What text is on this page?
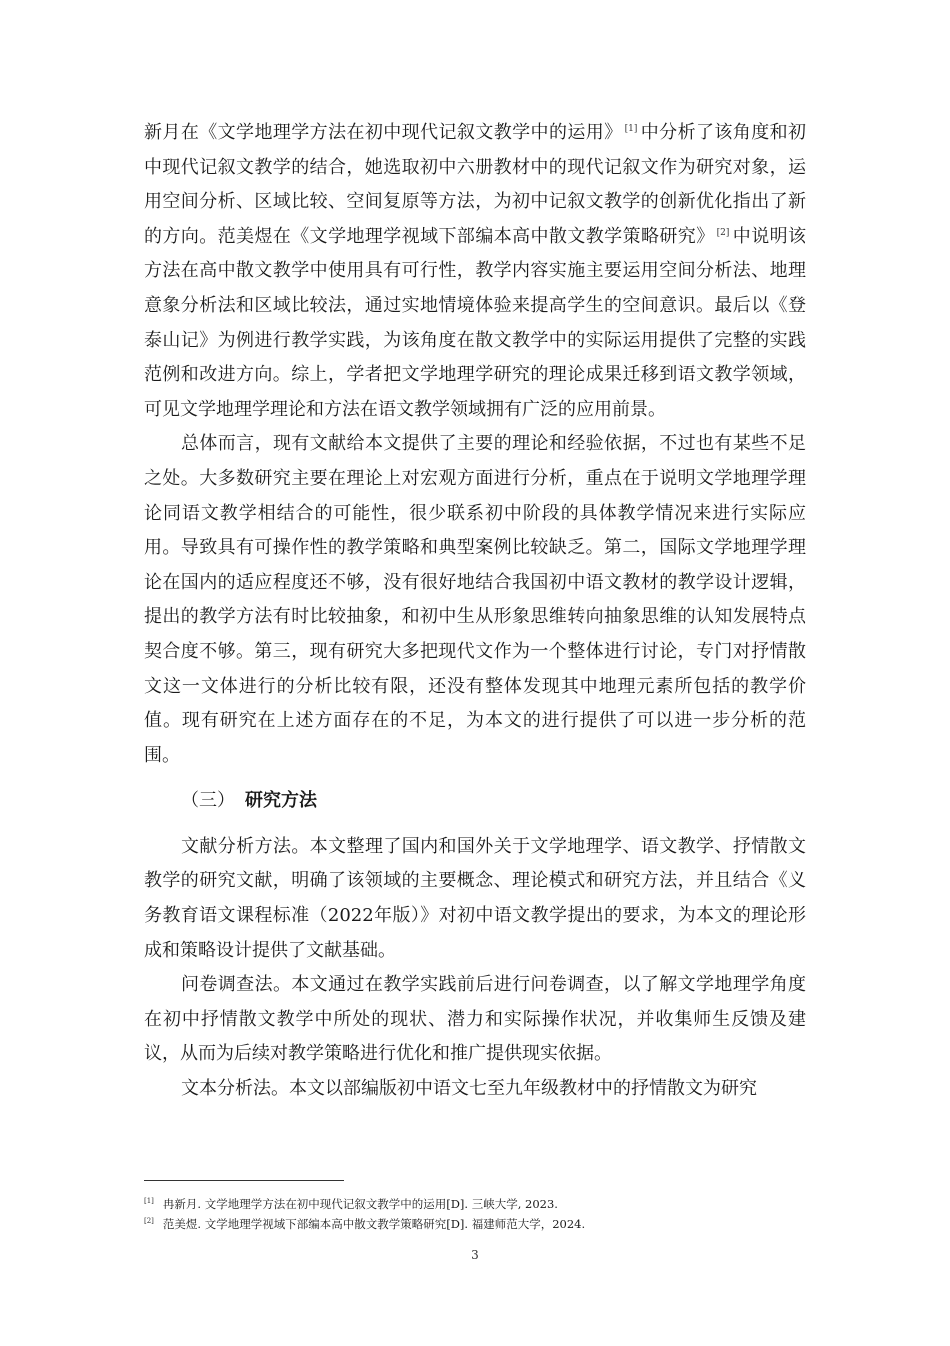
新月在《文学地理学方法在初中现代记叙文教学中的运用》 [1] 中分析了该角度和初中现代记叙文教学的结合，她选取初中六册教材中的现代记叙文作为研究对象，运用空间分析、区域比较、空间复原等方法，为初中记叙文教学的创新优化指出了新的方向。范美煜在《文学地理学视域下部编本高中散文教学策略研究》 [2] 中说明该方法在高中散文教学中使用具有可行性，教学内容实施主要运用空间分析法、地理意象分析法和区域比较法，通过实地情境体验来提高学生的空间意识。最后以《登泰山记》为例进行教学实践，为该角度在散文教学中的实际运用提供了完整的实践范例和改进方向。综上，学者把文学地理学研究的理论成果迁移到语文教学领域，可见文学地理学理论和方法在语文教学领域拥有广泛的应用前景。

总体而言，现有文献给本文提供了主要的理论和经验依据，不过也有某些不足之处。大多数研究主要在理论上对宏观方面进行分析，重点在于说明文学地理学理论同语文教学相结合的可能性，很少联系初中阶段的具体教学情况来进行实际应用。导致具有可操作性的教学策略和典型案例比较缺乏。第二，国际文学地理学理论在国内的适应程度还不够，没有很好地结合我国初中语文教材的教学设计逻辑，提出的教学方法有时比较抽象，和初中生从形象思维转向抽象思维的认知发展特点契合度不够。第三，现有研究大多把现代文作为一个整体进行讨论，专门对抒情散文这一文体进行的分析比较有限，还没有整体发现其中地理元素所包括的教学价值。现有研究在上述方面存在的不足，为本文的进行提供了可以进一步分析的范围。

（三） 研究方法

文献分析方法。本文整理了国内和国外关于文学地理学、语文教学、抒情散文教学的研究文献，明确了该领域的主要概念、理论模式和研究方法，并且结合《义务教育语文课程标准（2022年版）》对初中语文教学提出的要求，为本文的理论形成和策略设计提供了文献基础。

问卷调查法。本文通过在教学实践前后进行问卷调查，以了解文学地理学角度在初中抒情散文教学中所处的现状、潜力和实际操作状况，并收集师生反馈及建议，从而为后续对教学策略进行优化和推广提供现实依据。

文本分析法。本文以部编版初中语文七至九年级教材中的抒情散文为研究

[1] 冉新月. 文学地理学方法在初中现代记叙文教学中的运用[D]. 三峡大学, 2023.

[2] 范美煜. 文学地理学视域下部编本高中散文教学策略研究[D]. 福建师范大学，2024.

3
